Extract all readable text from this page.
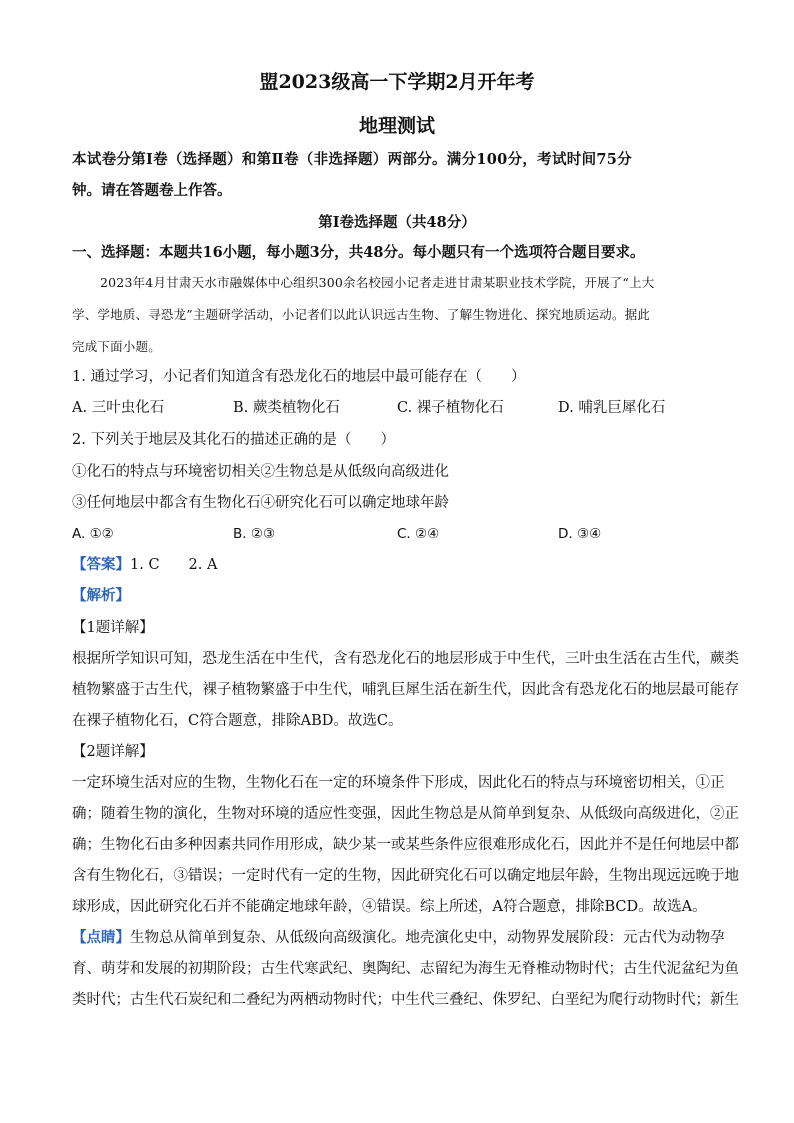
盟2023级高一下学期2月开年考
地理测试
本试卷分第Ⅰ卷（选择题）和第Ⅱ卷（非选择题）两部分。满分100分，考试时间75分
钟。请在答题卷上作答。
第Ⅰ卷选择题（共48分）
一、选择题：本题共16小题，每小题3分，共48分。每小题只有一个选项符合题目要求。
2023年4月甘肃天水市融媒体中心组织300余名校园小记者走进甘肃某职业技术学院，开展了“上大
学、学地质、寻恐龙”主题研学活动，小记者们以此认识远古生物、了解生物进化、探究地质运动。据此
完成下面小题。
1. 通过学习，小记者们知道含有恐龙化石的地层中最可能存在（　　）
A. 三叶虫化石	B. 蕨类植物化石	C. 裸子植物化石	D. 哺乳巨犀化石
2. 下列关于地层及其化石的描述正确的是（　　）
①化石的特点与环境密切相关②生物总是从低级向高级进化
③任何地层中都含有生物化石④研究化石可以确定地球年龄
A. ①②	B. ②③	C. ②④	D. ③④
【答案】1. C　　2. A
【解析】
【1题详解】
根据所学知识可知，恐龙生活在中生代，含有恐龙化石的地层形成于中生代，三叶虫生活在古生代，蕨类
植物繁盛于古生代，裸子植物繁盛于中生代，哺乳巨犀生活在新生代，因此含有恐龙化石的地层最可能存
在裸子植物化石，C符合题意，排除ABD。故选C。
【2题详解】
一定环境生活对应的生物，生物化石在一定的环境条件下形成，因此化石的特点与环境密切相关，①正
确；随着生物的演化，生物对环境的适应性变强，因此生物总是从简单到复杂、从低级向高级进化，②正
确；生物化石由多种因素共同作用形成，缺少某一或某些条件应很难形成化石，因此并不是任何地层中都
含有生物化石，③错误；一定时代有一定的生物，因此研究化石可以确定地层年龄，生物出现远远晚于地
球形成，因此研究化石并不能确定地球年龄，④错误。综上所述，A符合题意，排除BCD。故选A。
【点睛】生物总从简单到复杂、从低级向高级演化。地壳演化史中，动物界发展阶段：元古代为动物孕
育、萌芽和发展的初期阶段；古生代寒武纪、奥陶纪、志留纪为海生无脊椎动物时代；古生代泥盆纪为鱼
类时代；古生代石炭纪和二叠纪为两栖动物时代；中生代三叠纪、侏罗纪、白垩纪为爬行动物时代；新生
